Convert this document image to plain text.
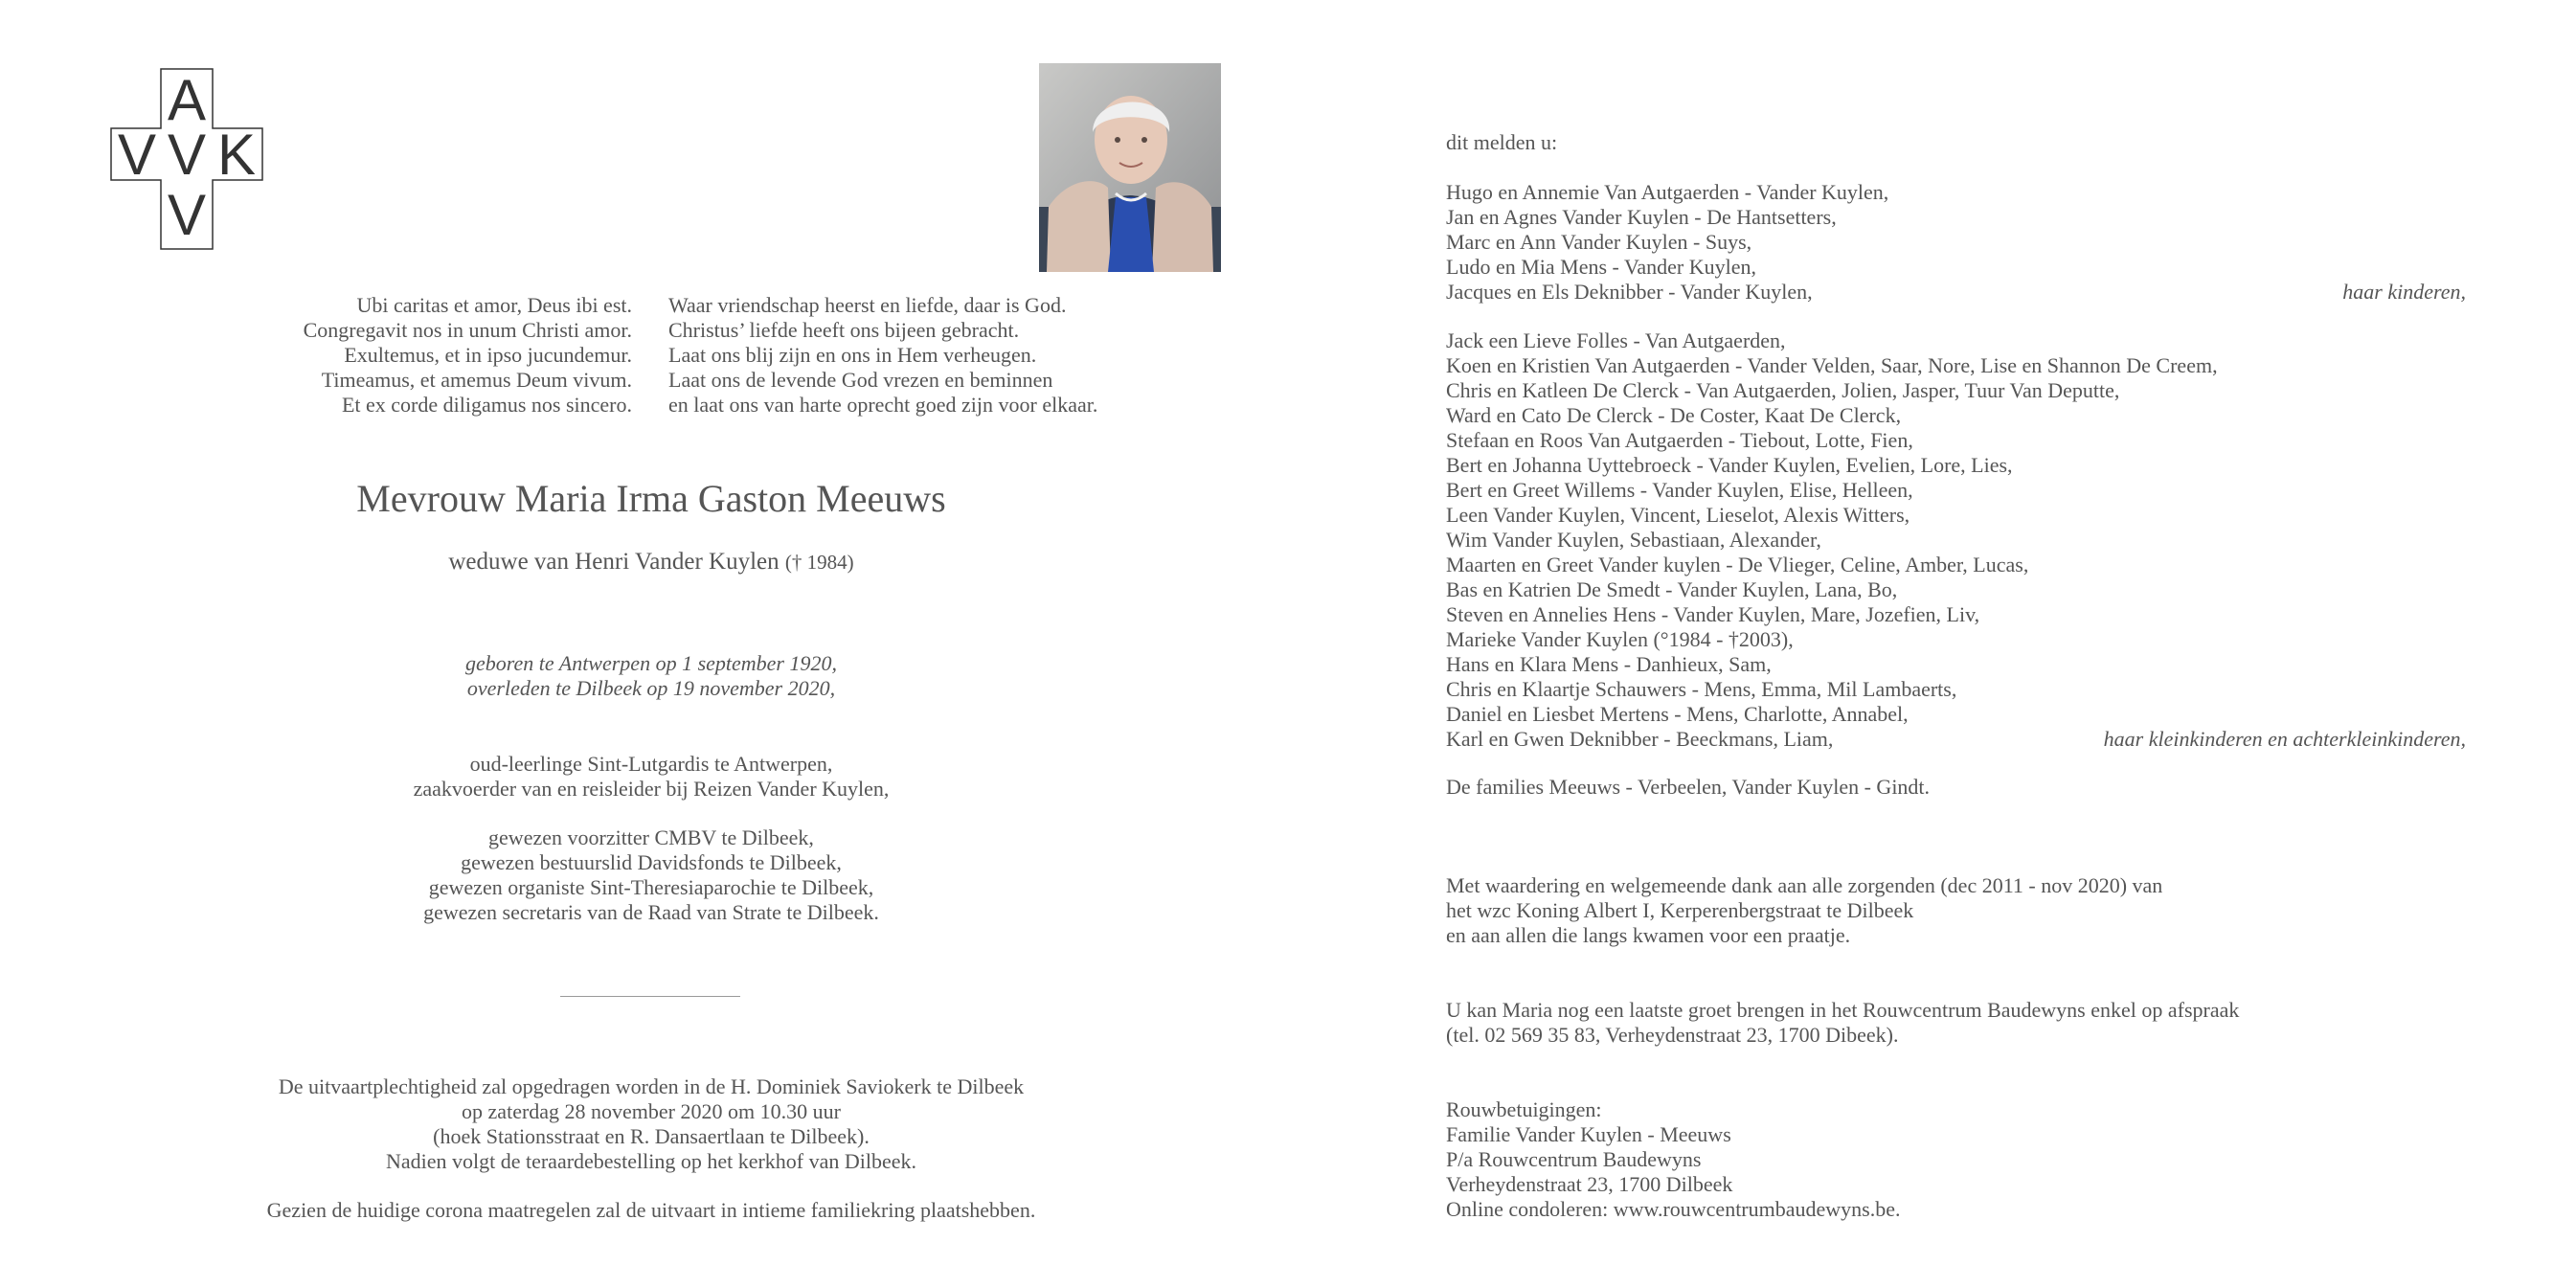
A
V V K
V
Ubi caritas et amor, Deus ibi est.
Congregavit nos in unum Christi amor.
Exultemus, et in ipso jucundemur.
Timeamus, et amemus Deum vivum.
Et ex corde diligamus nos sincero.
Waar vriendschap heerst en liefde, daar is God.
Christus’ liefde heeft ons bijeen gebracht.
Laat ons blij zijn en ons in Hem verheugen.
Laat ons de levende God vrezen en beminnen
en laat ons van harte oprecht goed zijn voor elkaar.
Mevrouw Maria Irma Gaston Meeuws
weduwe van Henri Vander Kuylen († 1984)
geboren te Antwerpen op 1 september 1920,
overleden te Dilbeek op 19 november 2020,
oud-leerlinge Sint-Lutgardis te Antwerpen,
zaakvoerder van en reisleider bij Reizen Vander Kuylen,
gewezen voorzitter CMBV te Dilbeek,
gewezen bestuurslid Davidsfonds te Dilbeek,
gewezen organiste Sint-Theresiaparochie te Dilbeek,
gewezen secretaris van de Raad van Strate te Dilbeek.
De uitvaartplechtigheid zal opgedragen worden in de H. Dominiek Saviokerk te Dilbeek
op zaterdag 28 november 2020 om 10.30 uur
(hoek Stationsstraat en R. Dansaertlaan te Dilbeek).
Nadien volgt de teraardebestelling op het kerkhof van Dilbeek.
Gezien de huidige corona maatregelen zal de uitvaart in intieme familiekring plaatshebben.
dit melden u:
Hugo en Annemie Van Autgaerden - Vander Kuylen,
Jan en Agnes Vander Kuylen - De Hantsetters,
Marc en Ann Vander Kuylen - Suys,
Ludo en Mia Mens - Vander Kuylen,
Jacques en Els Deknibber - Vander Kuylen,	haar kinderen,
Jack een Lieve Folles - Van Autgaerden,
Koen en Kristien Van Autgaerden - Vander Velden, Saar, Nore, Lise en Shannon De Creem,
Chris en Katleen De Clerck - Van Autgaerden, Jolien, Jasper, Tuur Van Deputte,
Ward en Cato De Clerck - De Coster, Kaat De Clerck,
Stefaan en Roos Van Autgaerden - Tiebout, Lotte, Fien,
Bert en Johanna Uyttebroeck - Vander Kuylen, Evelien, Lore, Lies,
Bert en Greet Willems - Vander Kuylen, Elise, Helleen,
Leen Vander Kuylen, Vincent, Lieselot, Alexis Witters,
Wim Vander Kuylen, Sebastiaan, Alexander,
Maarten en Greet Vander kuylen - De Vlieger, Celine, Amber, Lucas,
Bas en Katrien De Smedt - Vander Kuylen, Lana, Bo,
Steven en Annelies Hens - Vander Kuylen, Mare, Jozefien, Liv,
Marieke Vander Kuylen (°1984 - †2003),
Hans en Klara Mens - Danhieux, Sam,
Chris en Klaartje Schauwers - Mens, Emma, Mil Lambaerts,
Daniel en Liesbet Mertens - Mens, Charlotte, Annabel,
Karl en Gwen Deknibber - Beeckmans, Liam,	haar kleinkinderen en achterkleinkinderen,
De families Meeuws - Verbeelen, Vander Kuylen - Gindt.
Met waardering en welgemeende dank aan alle zorgenden (dec 2011 - nov 2020) van
het wzc Koning Albert I, Kerperenbergstraat te Dilbeek
en aan allen die langs kwamen voor een praatje.
U kan Maria nog een laatste groet brengen in het Rouwcentrum Baudewyns enkel op afspraak
(tel. 02 569 35 83, Verheydenstraat 23, 1700 Dibeek).
Rouwbetuigingen:
Familie Vander Kuylen - Meeuws
P/a Rouwcentrum Baudewyns
Verheydenstraat 23, 1700 Dilbeek
Online condoleren: www.rouwcentrumbaudewyns.be.
